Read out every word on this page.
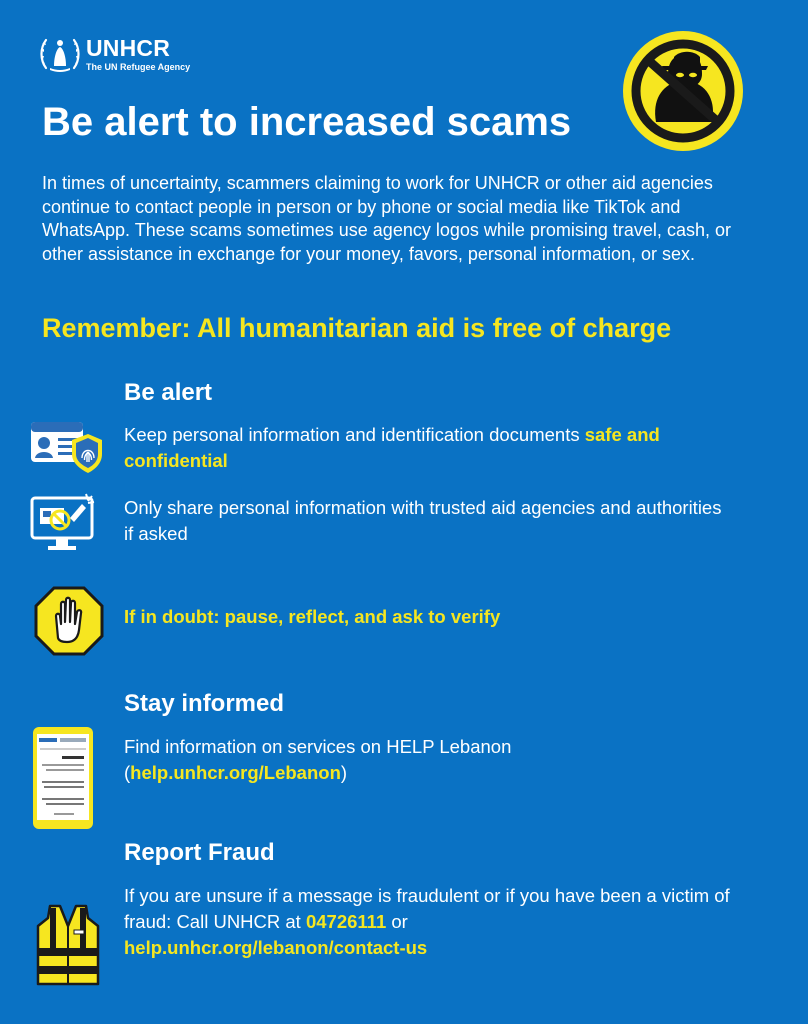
UNHCR
The UN Refugee Agency
Be alert to increased scams

In times of uncertainty, scammers claiming to work for UNHCR or other aid agencies continue to contact people in person or by phone or social media like TikTok and WhatsApp. These scams sometimes use agency logos while promising travel, cash, or other assistance in exchange for your money, favors, personal information, or sex.

Remember: All humanitarian aid is free of charge

Be alert

Keep personal information and identification documents safe and confidential

Only share personal information with trusted aid agencies and authorities if asked

If in doubt: pause, reflect, and ask to verify

Stay informed

Find information on services on HELP Lebanon
(help.unhcr.org/Lebanon)

Report Fraud

If you are unsure if a message is fraudulent or if you have been a victim of fraud: Call UNHCR at 04726111 or
help.unhcr.org/lebanon/contact-us
